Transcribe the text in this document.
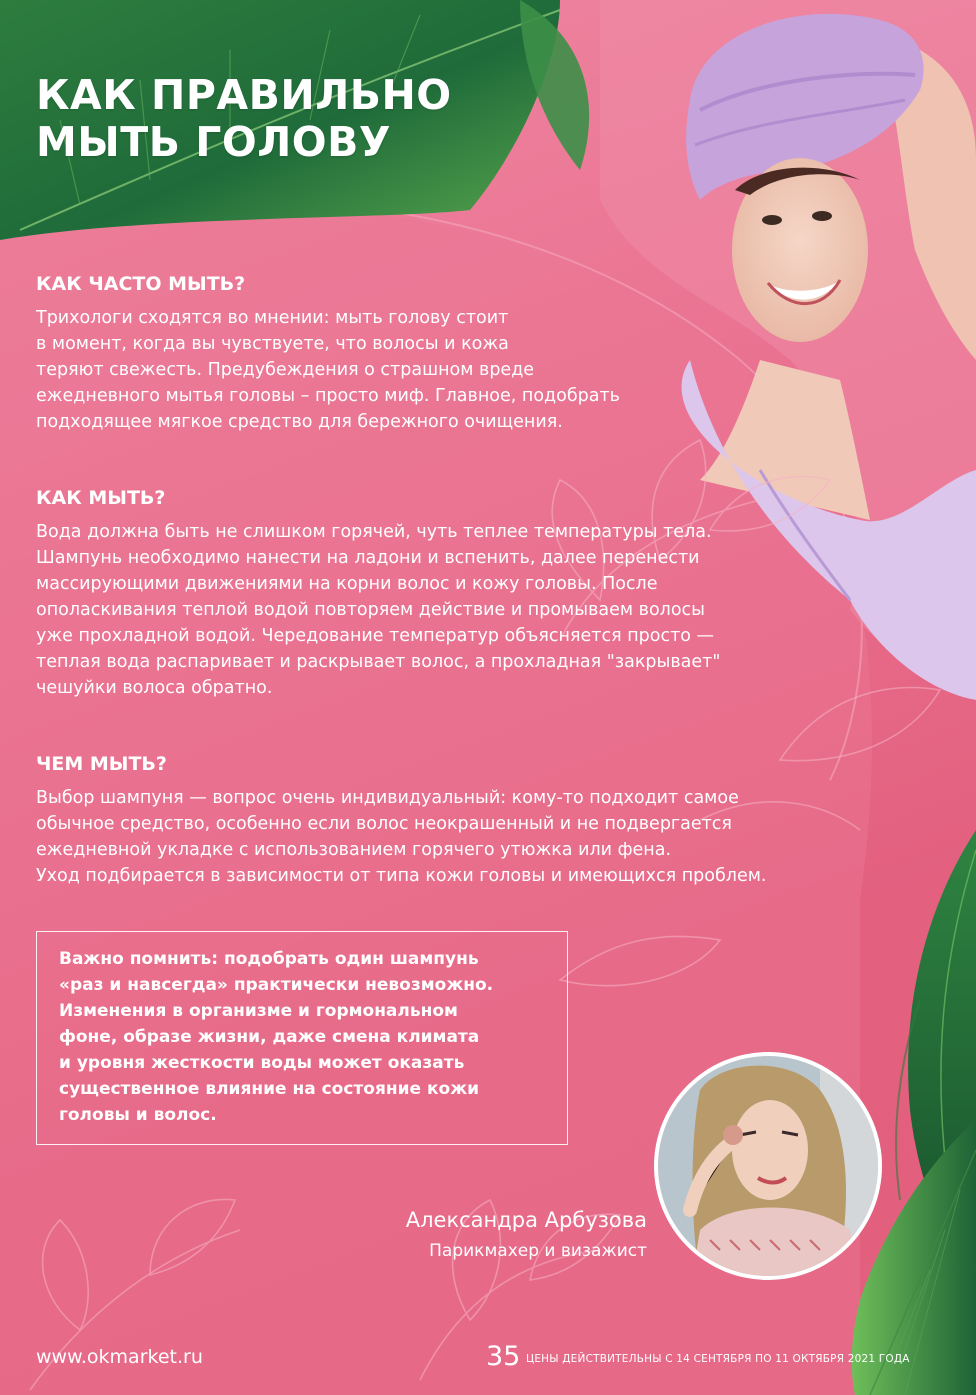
КАК ПРАВИЛЬНО
МЫТЬ ГОЛОВУ
КАК ЧАСТО МЫТЬ?

Трихологи сходятся во мнении: мыть голову стоит
в момент, когда вы чувствуете, что волосы и кожа
теряют свежесть. Предубеждения о страшном вреде
ежедневного мытья головы – просто миф. Главное, подобрать
подходящее мягкое средство для бережного очищения.

КАК МЫТЬ?

Вода должна быть не слишком горячей, чуть теплее температуры тела.
Шампунь необходимо нанести на ладони и вспенить, далее перенести
массирующими движениями на корни волос и кожу головы. После
ополаскивания теплой водой повторяем действие и промываем волосы
уже прохладной водой. Чередование температур объясняется просто —
теплая вода распаривает и раскрывает волос, а прохладная "закрывает"
чешуйки волоса обратно.

ЧЕМ МЫТЬ?

Выбор шампуня — вопрос очень индивидуальный: кому-то подходит самое
обычное средство, особенно если волос неокрашенный и не подвергается
ежедневной укладке с использованием горячего утюжка или фена.
Уход подбирается в зависимости от типа кожи головы и имеющихся проблем.

Важно помнить: подобрать один шампунь
«раз и навсегда» практически невозможно.
Изменения в организме и гормональном
фоне, образе жизни, даже смена климата
и уровня жесткости воды может оказать
существенное влияние на состояние кожи
головы и волос.

Александра Арбузова
Парикмахер и визажист
www.okmarket.ru	35 ЦЕНЫ ДЕЙСТВИТЕЛЬНЫ С 14 СЕНТЯБРЯ ПО 11 ОКТЯБРЯ 2021 ГОДА
